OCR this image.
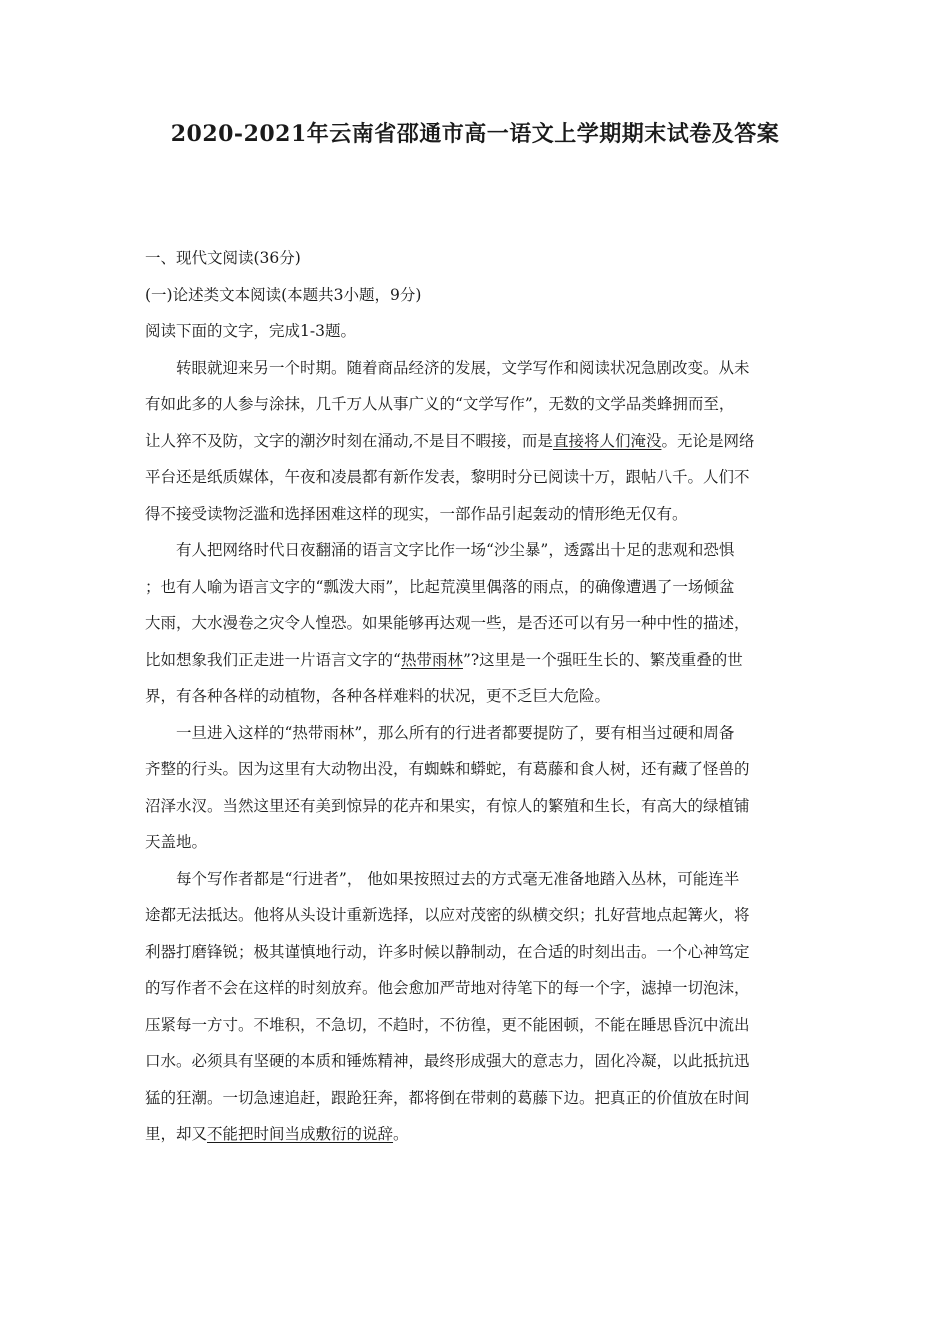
2020-2021年云南省邵通市高一语文上学期期末试卷及答案

一、现代文阅读(36分)

(一)论述类文本阅读(本题共3小题，9分)

阅读下面的文字，完成1-3题。

转眼就迎来另一个时期。随着商品经济的发展，文学写作和阅读状况急剧改变。从未

有如此多的人参与涂抹，几千万人从事广义的“文学写作”，无数的文学品类蜂拥而至，

让人猝不及防，文字的潮汐时刻在涌动,不是目不暇接，而是直接将人们淹没。无论是网络

平台还是纸质媒体，午夜和凌晨都有新作发表，黎明时分已阅读十万，跟帖八千。人们不

得不接受读物泛滥和选择困难这样的现实，一部作品引起轰动的情形绝无仅有。

有人把网络时代日夜翻涌的语言文字比作一场“沙尘暴”，透露出十足的悲观和恐惧

；也有人喻为语言文字的“瓢泼大雨”，比起荒漠里偶落的雨点，的确像遭遇了一场倾盆

大雨，大水漫卷之灾令人惶恐。如果能够再达观一些，是否还可以有另一种中性的描述，

比如想象我们正走进一片语言文字的“热带雨林”?这里是一个强旺生长的、繁茂重叠的世

界，有各种各样的动植物，各种各样难料的状况，更不乏巨大危险。

一旦进入这样的“热带雨林”，那么所有的行进者都要提防了，要有相当过硬和周备

齐整的行头。因为这里有大动物出没，有蜘蛛和蟒蛇，有葛藤和食人树，还有藏了怪兽的

沼泽水汊。当然这里还有美到惊异的花卉和果实，有惊人的繁殖和生长，有高大的绿植铺

天盖地。

每个写作者都是“行进者”， 他如果按照过去的方式毫无准备地踏入丛林，可能连半

途都无法抵达。他将从头设计重新选择，以应对茂密的纵横交织；扎好营地点起篝火，将

利器打磨锋锐；极其谨慎地行动，许多时候以静制动，在合适的时刻出击。一个心神笃定

的写作者不会在这样的时刻放弃。他会愈加严苛地对待笔下的每一个字，滤掉一切泡沫，

压紧每一方寸。不堆积，不急切，不趋时，不彷徨，更不能困顿，不能在睡思昏沉中流出

口水。必须具有坚硬的本质和锤炼精神，最终形成强大的意志力，固化冷凝，以此抵抗迅

猛的狂潮。一切急速追赶，跟跄狂奔，都将倒在带刺的葛藤下边。把真正的价值放在时间

里，却又不能把时间当成敷衍的说辞。
